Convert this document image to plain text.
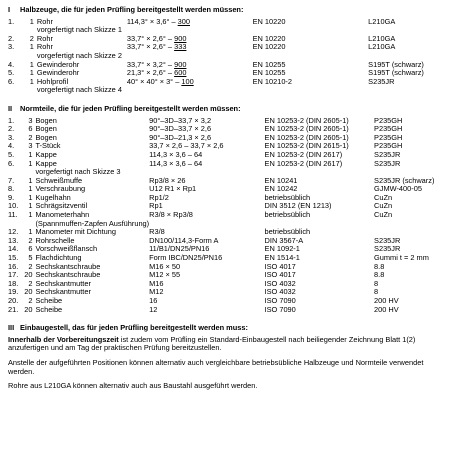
I Halbzeuge, die für jeden Prüfling bereitgestellt werden müssen:
1.	1	Rohr	114,3° × 3,6° – 300	EN 10220	L210GA
		vorgefertigt nach Skizze 1			
2.	2	Rohr	33,7° × 2,6° – 900	EN 10220	L210GA
3.	1	Rohr	33,7° × 2,6° – 333	EN 10220	L210GA
		vorgefertigt nach Skizze 2			
4.	1	Gewinderohr	33,7° × 3,2° – 900	EN 10255	S195T (schwarz)
5.	1	Gewinderohr	21,3° × 2,6° – 600	EN 10255	S195T (schwarz)
6.	1	Hohlprofil	40° × 40° × 3° – 100	EN 10210-2	S235JR
		vorgefertigt nach Skizze 4			
II Normteile, die für jeden Prüfling bereitgestellt werden müssen:
1.	3	Bogen	90°–3D–33,7 × 3,2	EN 10253-2 (DIN 2605-1)	P235GH
2.	6	Bogen	90°–3D–33,7 × 2,6	EN 10253-2 (DIN 2605-1)	P235GH
3.	2	Bogen	90°–3D–21,3 × 2,6	EN 10253-2 (DIN 2605-1)	P235GH
4.	3	T-Stück	33,7 × 2,6 – 33,7 × 2,6	EN 10253-2 (DIN 2615-1)	P235GH
5.	1	Kappe	114,3 × 3,6 – 64	EN 10253-2 (DIN 2617)	S235JR
6.	1	Kappe	114,3 × 3,6 – 64	EN 10253-2 (DIN 2617)	S235JR
		vorgefertigt nach Skizze 3			
7.	1	Schweißmuffe	Rp3/8 × 26	EN 10241	S235JR (schwarz)
8.	1	Verschraubung	U12 R1 × Rp1	EN 10242	GJMW-400-05
9.	1	Kugelhahn	Rp1/2	betriebsüblich	CuZn
10.	1	Schrägsitzventil	Rp1	DIN 3512 (EN 1213)	CuZn
11.	1	Manometerhahn	R3/8 × Rp3/8	betriebsüblich	CuZn
		(Spannmuffen-Zapfen Ausführung)			
12.	1	Manometer mit Dichtung	R3/8	betriebsüblich	
13.	2	Rohrschelle	DN100/114,3-Form A	DIN 3567-A	S235JR
14.	6	Vorschweißflansch	11/B1/DN25/PN16	EN 1092-1	S235JR
15.	5	Flachdichtung	Form IBC/DN25/PN16	EN 1514-1	Gummi t = 2 mm
16.	2	Sechskantschraube	M16 × 50	ISO 4017	8.8
17.	20	Sechskantschraube	M12 × 55	ISO 4017	8.8
18.	2	Sechskantmutter	M16	ISO 4032	8
19.	20	Sechskantmutter	M12	ISO 4032	8
20.	2	Scheibe	16	ISO 7090	200 HV
21.	20	Scheibe	12	ISO 7090	200 HV
III Einbaugestell, das für jeden Prüfling bereitgestellt werden muss:

Innerhalb der Vorbereitungszeit ist zudem vom Prüfling ein Standard-Einbaugestell nach beiliegender Zeichnung Blatt 1(2) anzufertigen und am Tag der praktischen Prüfung bereitzustellen.

Anstelle der aufgeführten Positionen können alternativ auch vergleichbare betriebsübliche Halbzeuge und Normteile verwendet werden.

Rohre aus L210GA können alternativ auch aus Baustahl ausgeführt werden.
